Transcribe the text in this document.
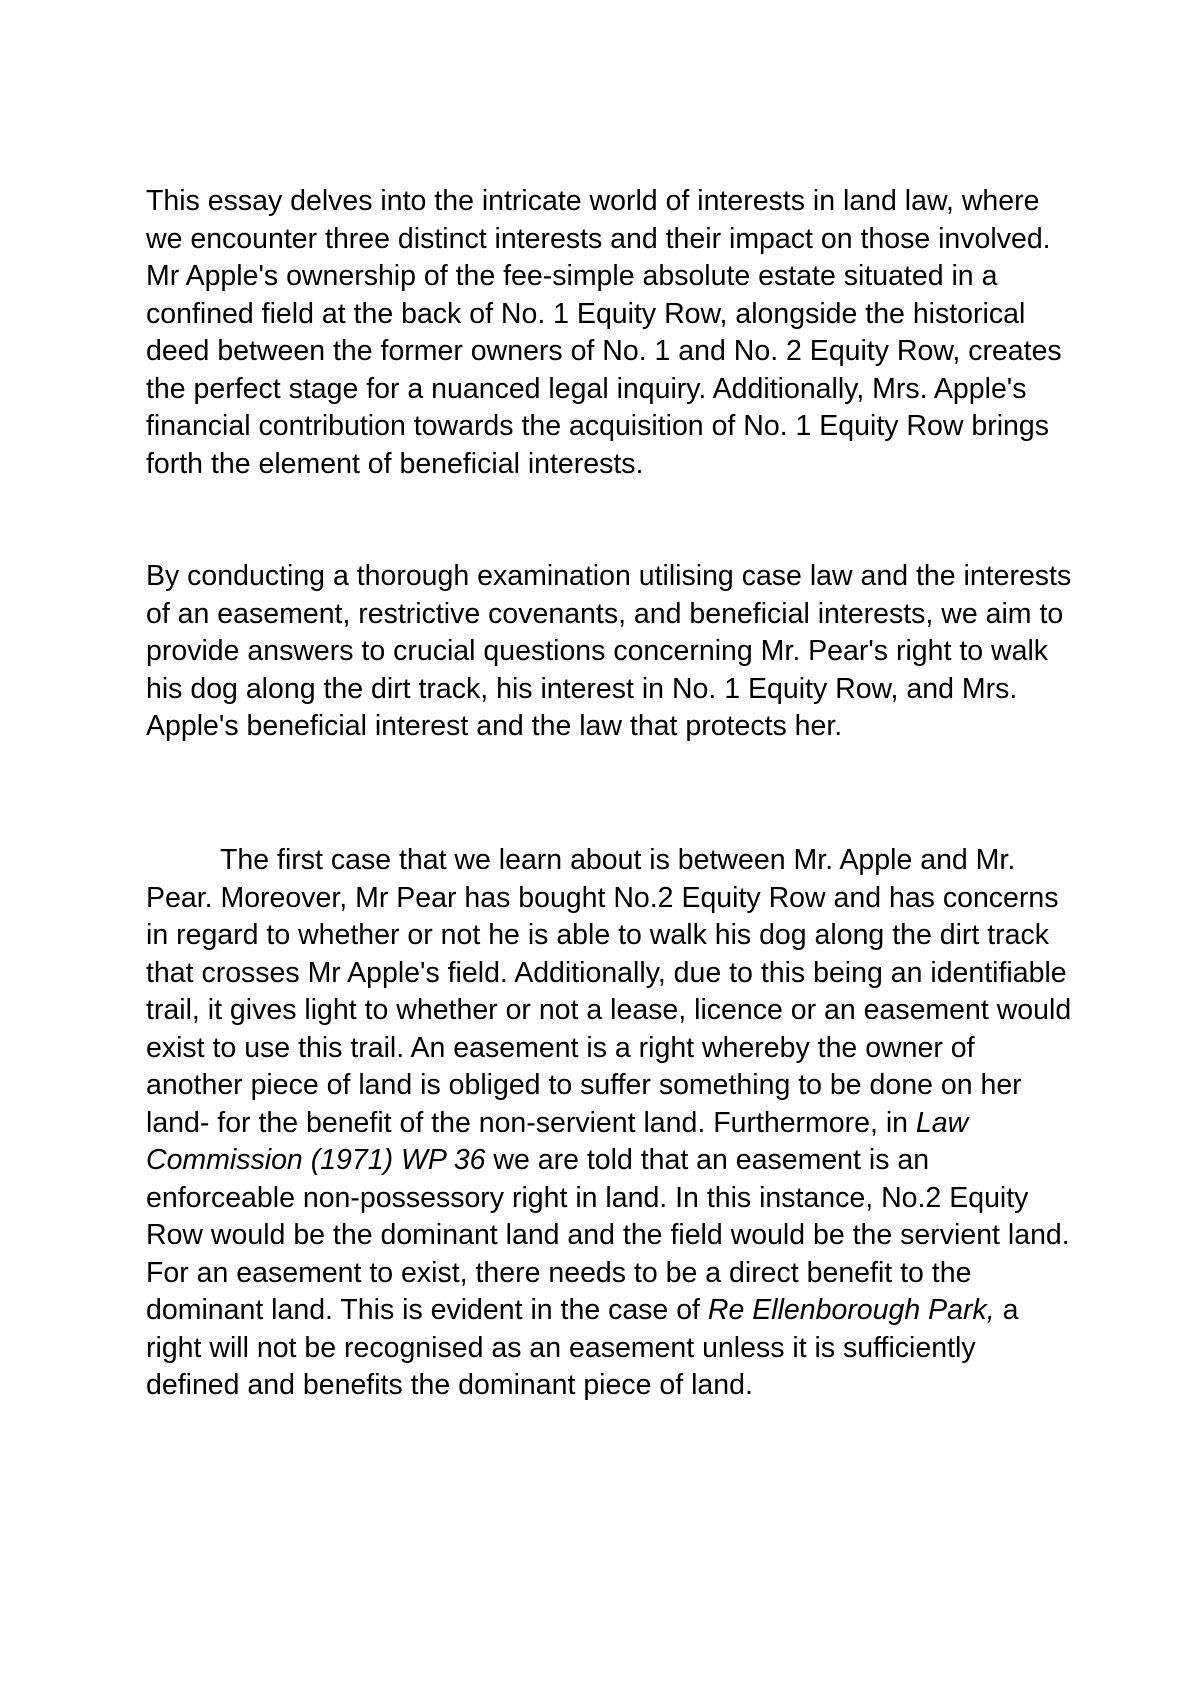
This essay delves into the intricate world of interests in land law, where we encounter three distinct interests and their impact on those involved. Mr Apple's ownership of the fee-simple absolute estate situated in a confined field at the back of No. 1 Equity Row, alongside the historical deed between the former owners of No. 1 and No. 2 Equity Row, creates the perfect stage for a nuanced legal inquiry. Additionally, Mrs. Apple's financial contribution towards the acquisition of No. 1 Equity Row brings forth the element of beneficial interests.

By conducting a thorough examination utilising case law and the interests of an easement, restrictive covenants, and beneficial interests, we aim to provide answers to crucial questions concerning Mr. Pear's right to walk his dog along the dirt track, his interest in No. 1 Equity Row, and Mrs. Apple's beneficial interest and the law that protects her.

The first case that we learn about is between Mr. Apple and Mr. Pear. Moreover, Mr Pear has bought No.2 Equity Row and has concerns in regard to whether or not he is able to walk his dog along the dirt track that crosses Mr Apple's field. Additionally, due to this being an identifiable trail, it gives light to whether or not a lease, licence or an easement would exist to use this trail. An easement is a right whereby the owner of another piece of land is obliged to suffer something to be done on her land- for the benefit of the non-servient land. Furthermore, in Law Commission (1971) WP 36 we are told that an easement is an enforceable non-possessory right in land. In this instance, No.2 Equity Row would be the dominant land and the field would be the servient land. For an easement to exist, there needs to be a direct benefit to the dominant land. This is evident in the case of Re Ellenborough Park, a right will not be recognised as an easement unless it is sufficiently defined and benefits the dominant piece of land.
